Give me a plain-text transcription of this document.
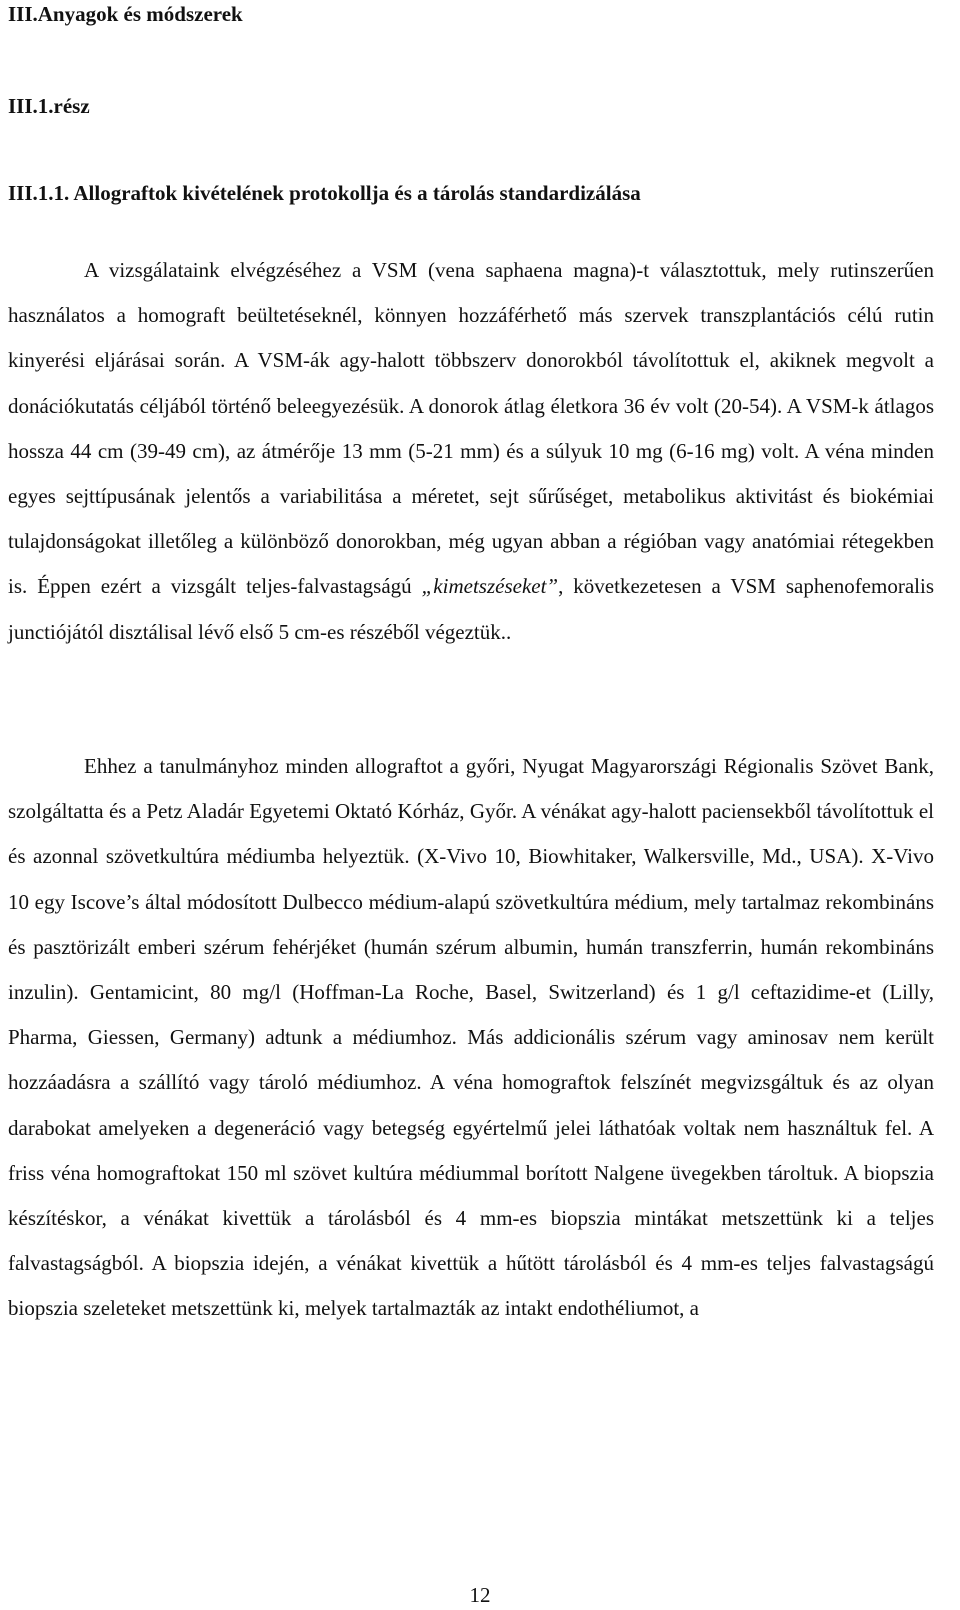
III.Anyagok és módszerek
III.1.rész
III.1.1. Allograftok kivételének protokollja és a tárolás standardizálása

A vizsgálataink elvégzéséhez a VSM (vena saphaena magna)-t választottuk, mely rutinszerűen használatos a homograft beültetéseknél, könnyen hozzáférhető más szervek transzplantációs célú rutin kinyerési eljárásai során. A VSM-ák agy-halott többszerv donorokból távolítottuk el, akiknek megvolt a donációkutatás céljából történő beleegyezésük. A donorok átlag életkora 36 év volt (20-54). A VSM-k átlagos hossza 44 cm (39-49 cm), az átmérője 13 mm (5-21 mm) és a súlyuk 10 mg (6-16 mg) volt. A véna minden egyes sejttípusának jelentős a variabilitása a méretet, sejt sűrűséget, metabolikus aktivitást és biokémiai tulajdonságokat illetőleg a különböző donorokban, még ugyan abban a régióban vagy anatómiai rétegekben is. Éppen ezért a vizsgált teljes-falvastagságú „kimetszéseket”, következetesen a VSM saphenofemoralis junctiójától disztálisal lévő első 5 cm-es részéből végeztük..

Ehhez a tanulmányhoz minden allograftot a győri, Nyugat Magyarországi Régionalis Szövet Bank, szolgáltatta és a Petz Aladár Egyetemi Oktató Kórház, Győr. A vénákat agy-halott paciensekből távolítottuk el és azonnal szövetkultúra médiumba helyeztük. (X-Vivo 10, Biowhitaker, Walkersville, Md., USA). X-Vivo 10 egy Iscove’s által módosított Dulbecco médium-alapú szövetkultúra médium, mely tartalmaz rekombináns és pasztörizált emberi szérum fehérjéket (humán szérum albumin, humán transzferrin, humán rekombináns inzulin). Gentamicint, 80 mg/l (Hoffman-La Roche, Basel, Switzerland) és 1 g/l ceftazidime-et (Lilly, Pharma, Giessen, Germany) adtunk a médiumhoz. Más addicionális szérum vagy aminosav nem került hozzáadásra a szállító vagy tároló médiumhoz. A véna homograftok felszínét megvizsgáltuk és az olyan darabokat amelyeken a degeneráció vagy betegség egyértelmű jelei láthatóak voltak nem használtuk fel. A friss véna homograftokat 150 ml szövet kultúra médiummal borított Nalgene üvegekben tároltuk. A biopszia készítéskor, a vénákat kivettük a tárolásból és 4 mm-es biopszia mintákat metszettünk ki a teljes falvastagságból. A biopszia idején, a vénákat kivettük a hűtött tárolásból és 4 mm-es teljes falvastagságú biopszia szeleteket metszettünk ki, melyek tartalmazták az intakt endothéliumot, a

12
